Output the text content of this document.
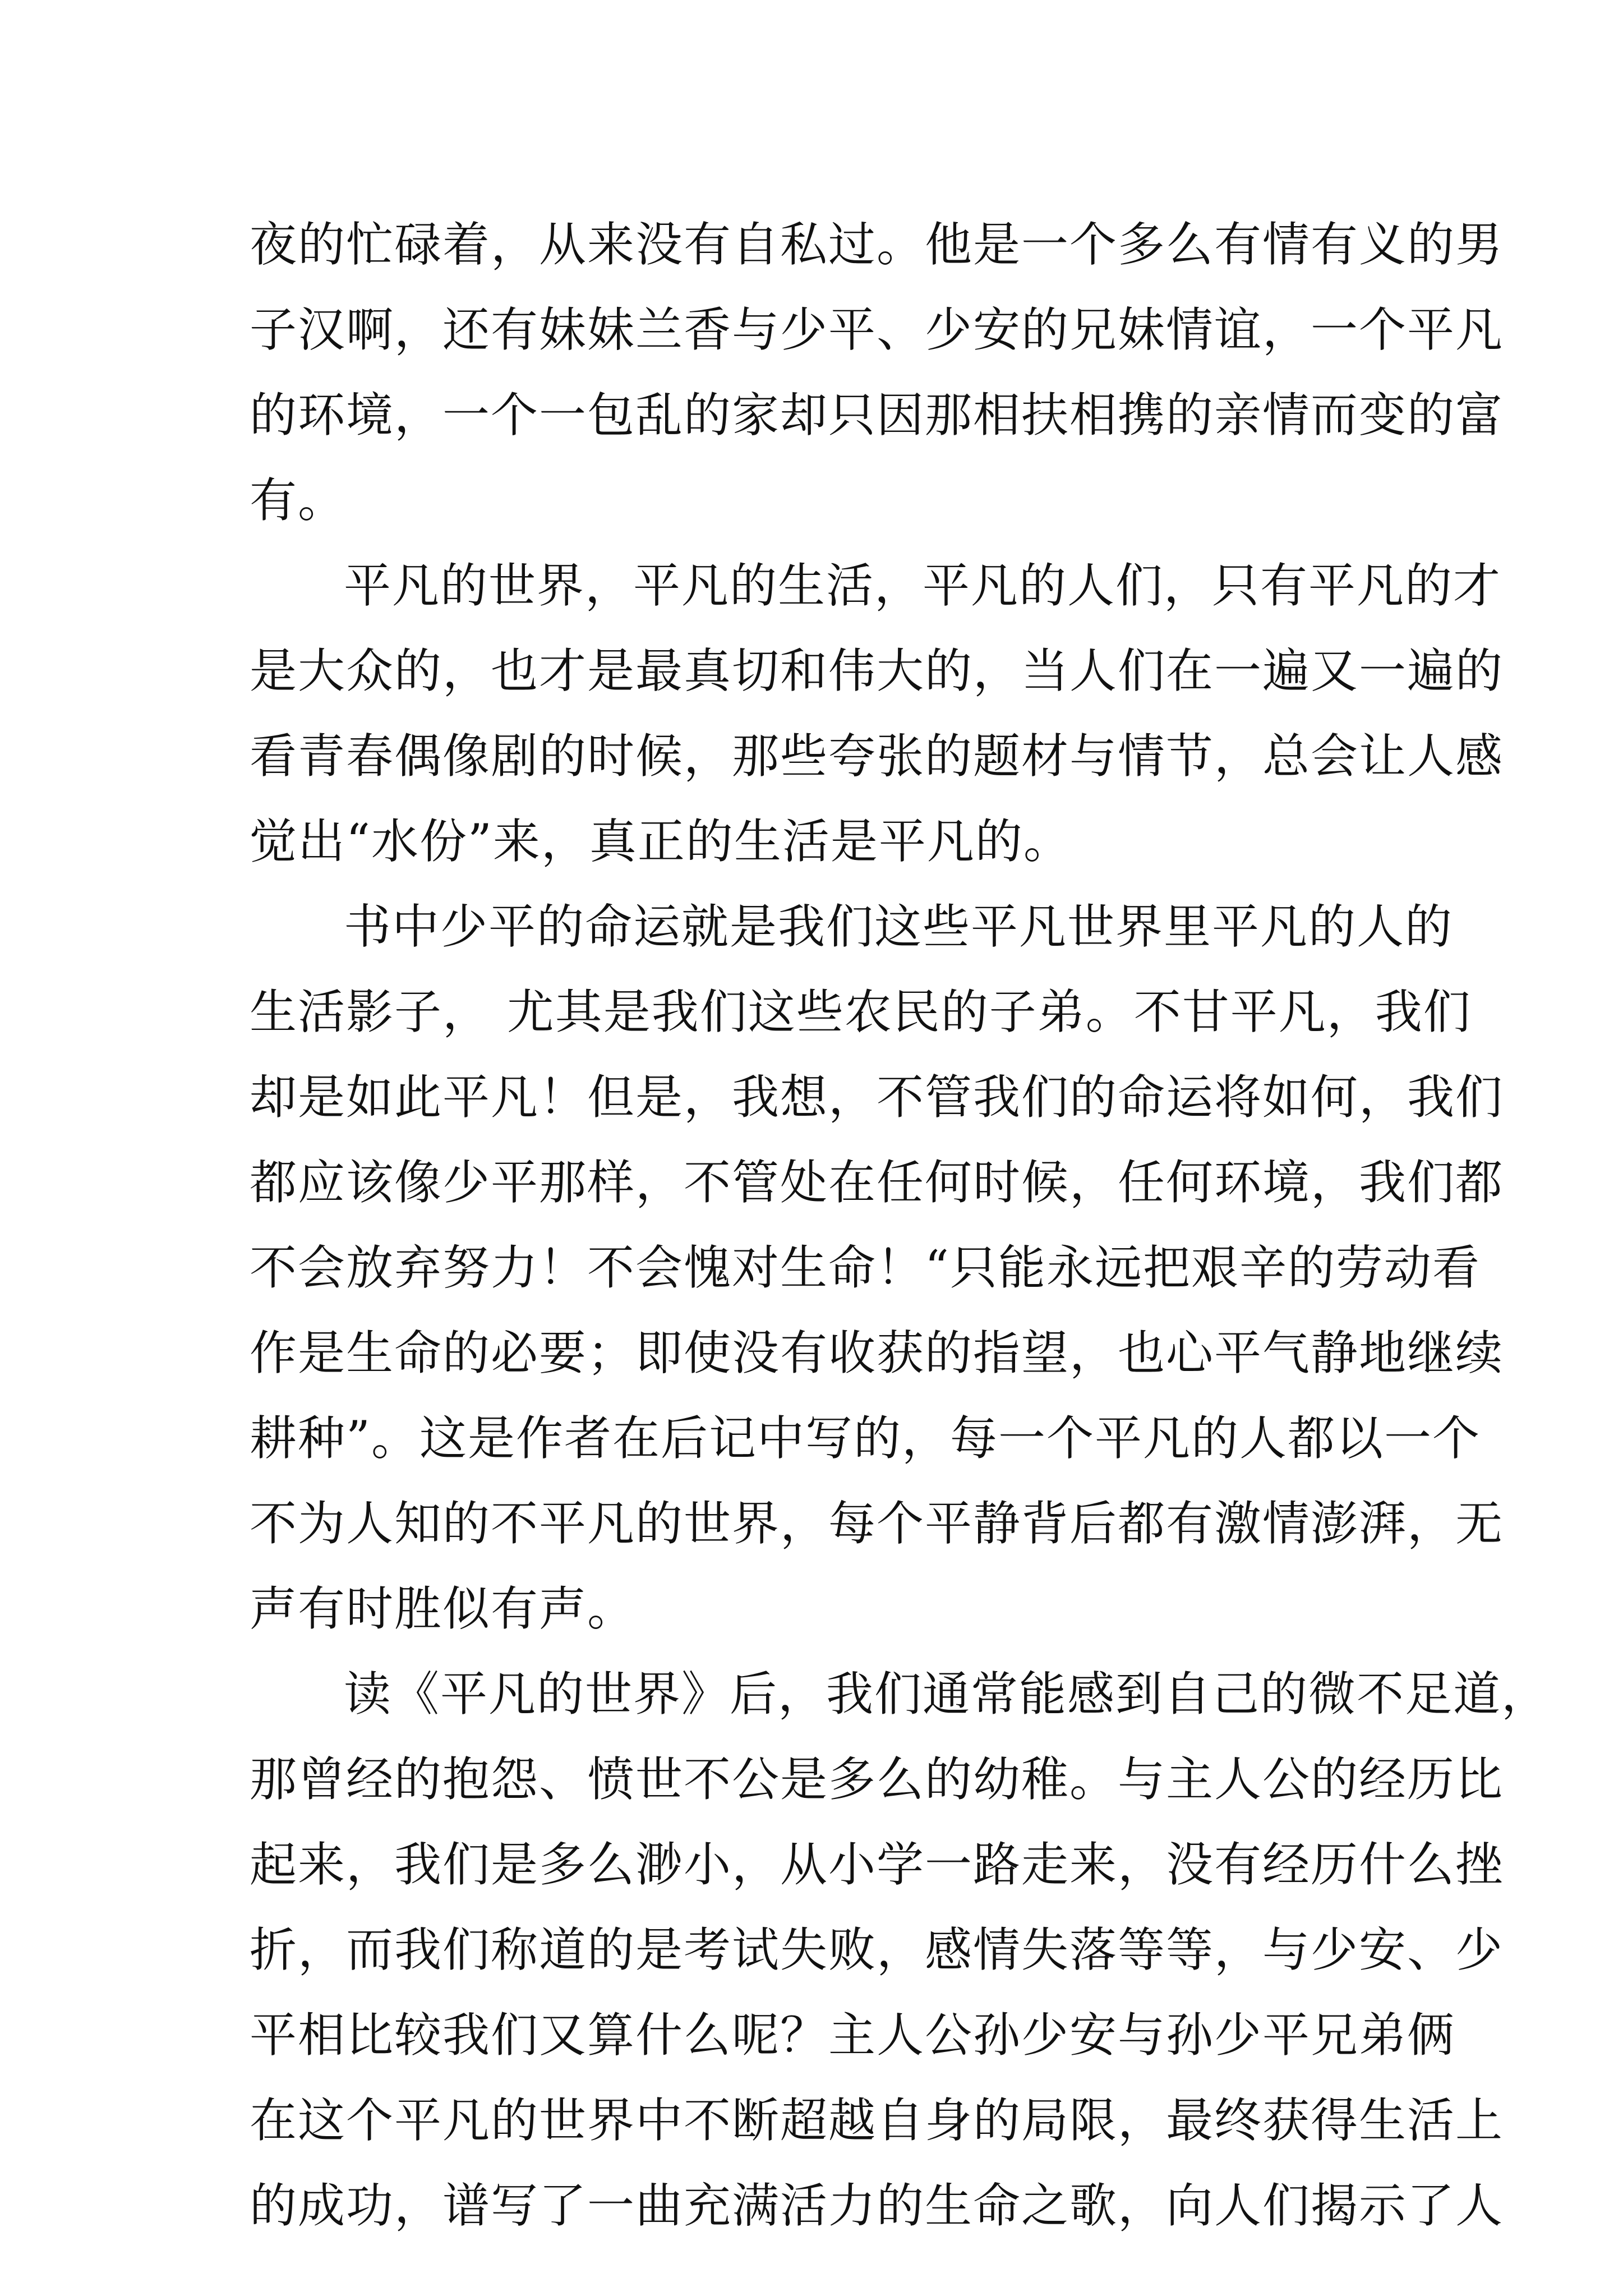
夜的忙碌着，从来没有自私过。他是一个多么有情有义的男
子汉啊，还有妹妹兰香与少平、少安的兄妹情谊，一个平凡
的环境，一个一包乱的家却只因那相扶相携的亲情而变的富
有。
平凡的世界，平凡的生活，平凡的人们，只有平凡的才
是大众的，也才是最真切和伟大的，当人们在一遍又一遍的
看青春偶像剧的时候，那些夸张的题材与情节，总会让人感
觉出“水份”来，真正的生活是平凡的。
书中少平的命运就是我们这些平凡世界里平凡的人的
生活影子， 尤其是我们这些农民的子弟。不甘平凡，我们
却是如此平凡！但是，我想，不管我们的命运将如何，我们
都应该像少平那样，不管处在任何时候，任何环境，我们都
不会放弃努力！不会愧对生命！“只能永远把艰辛的劳动看
作是生命的必要；即使没有收获的指望，也心平气静地继续
耕种”。这是作者在后记中写的，每一个平凡的人都以一个
不为人知的不平凡的世界，每个平静背后都有激情澎湃，无
声有时胜似有声。
读《平凡的世界》后，我们通常能感到自己的微不足道，
那曾经的抱怨、愤世不公是多么的幼稚。与主人公的经历比
起来，我们是多么渺小，从小学一路走来，没有经历什么挫
折，而我们称道的是考试失败，感情失落等等，与少安、少
平相比较我们又算什么呢？主人公孙少安与孙少平兄弟俩
在这个平凡的世界中不断超越自身的局限，最终获得生活上
的成功，谱写了一曲充满活力的生命之歌，向人们揭示了人
